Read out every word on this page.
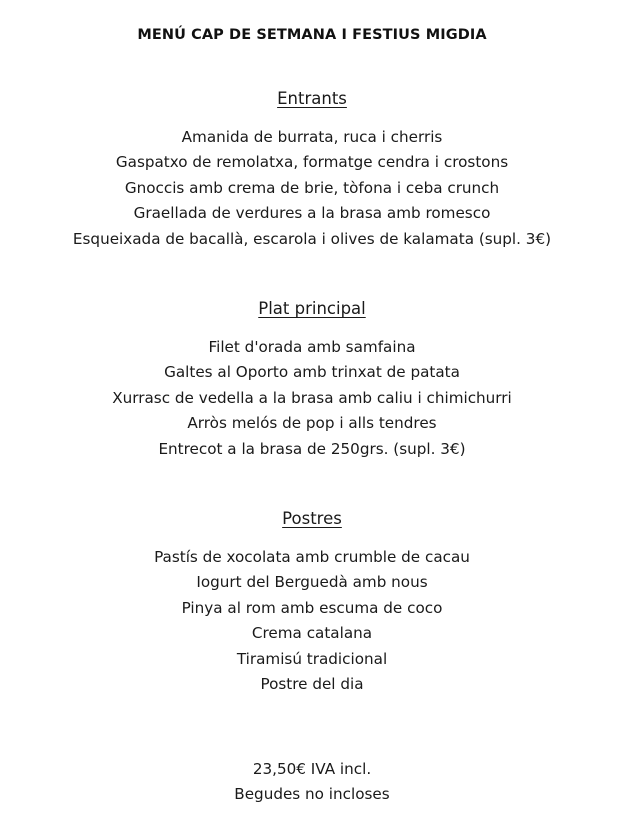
MENÚ CAP DE SETMANA I FESTIUS MIGDIA
Entrants
Amanida de burrata, ruca i cherris
Gaspatxo de remolatxa, formatge cendra i crostons
Gnoccis amb crema de brie, tòfona i ceba crunch
Graellada de verdures a la brasa amb romesco
Esqueixada de bacallà, escarola i olives de kalamata (supl. 3€)
Plat principal
Filet d'orada amb samfaina
Galtes al Oporto amb trinxat de patata
Xurrasc de vedella a la brasa amb caliu i chimichurri
Arròs melós de pop i alls tendres
Entrecot a la brasa de 250grs. (supl. 3€)
Postres
Pastís de xocolata amb crumble de cacau
Iogurt del Berguedà amb nous
Pinya al rom amb escuma de coco
Crema catalana
Tiramisú tradicional
Postre del dia
23,50€ IVA incl.
Begudes no incloses
